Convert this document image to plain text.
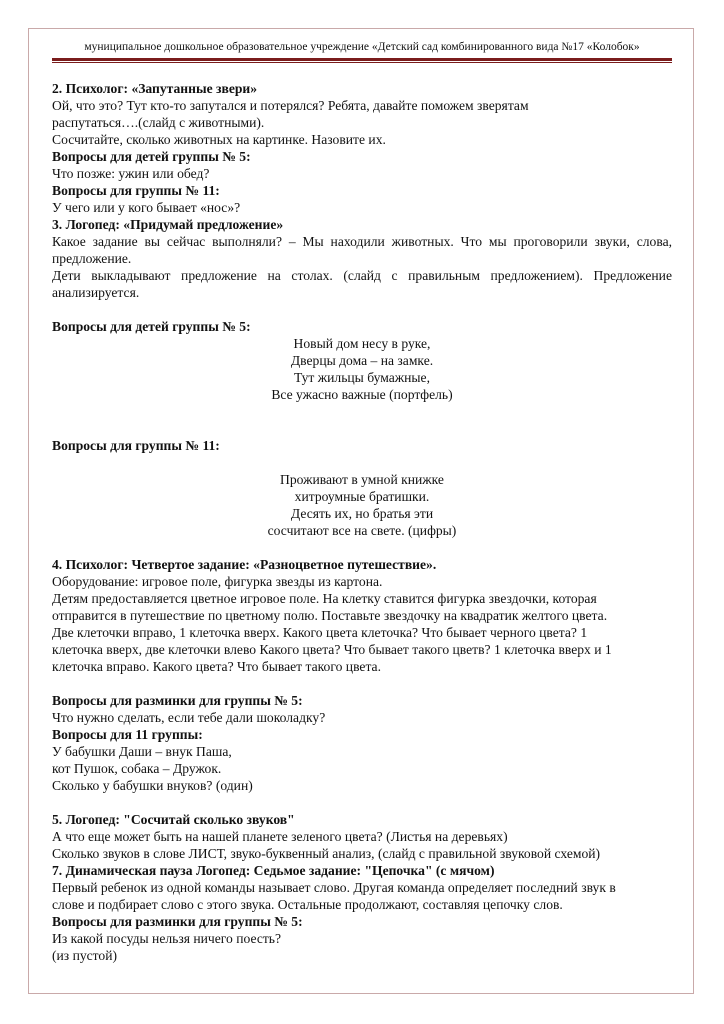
муниципальное дошкольное образовательное учреждение «Детский сад комбинированного вида №17 «Колобок»

2. Психолог: «Запутанные звери»

Ой, что это? Тут кто-то запутался и потерялся? Ребята, давайте поможем зверятам

распутаться….(слайд с животными).

Сосчитайте, сколько животных на картинке. Назовите их.

Вопросы для детей группы № 5:

Что позже: ужин или обед?

Вопросы для группы № 11:

У чего или у кого бывает «нос»?

3. Логопед: «Придумай предложение»

Какое задание вы сейчас выполняли? – Мы находили животных. Что мы проговорили звуки, слова, предложение.

Дети выкладывают предложение на столах. (слайд с правильным предложением). Предложение анализируется.

Вопросы для детей группы № 5:

Новый дом несу в руке,

Дверцы дома – на замке.

Тут жильцы бумажные,

Все ужасно важные (портфель)

Вопросы для группы № 11:

Проживают в умной книжке

хитроумные братишки.

Десять их, но братья эти

сосчитают все на свете. (цифры)

4. Психолог: Четвертое задание: «Разноцветное путешествие».

Оборудование: игровое поле, фигурка звезды из картона.

Детям предоставляется цветное игровое поле. На клетку ставится фигурка звездочки, которая

отправится в путешествие по цветному полю. Поставьте звездочку на квадратик желтого цвета.

Две клеточки вправо, 1 клеточка вверх. Какого цвета клеточка? Что бывает черного цвета? 1

клеточка вверх, две клеточки влево Какого цвета? Что бывает такого цветв? 1 клеточка вверх и 1

клеточка вправо. Какого цвета? Что бывает такого цвета.

Вопросы для разминки для группы № 5:

Что нужно сделать, если тебе дали шоколадку?

Вопросы для 11 группы:

У бабушки Даши – внук Паша,

кот Пушок, собака – Дружок.

Сколько у бабушки внуков? (один)

5. Логопед: "Сосчитай сколько звуков"

А что еще может быть на нашей планете зеленого цвета? (Листья на деревьях)

Сколько звуков в слове ЛИСТ, звуко-буквенный анализ, (слайд с правильной звуковой схемой)

7. Динамическая пауза Логопед: Седьмое задание: "Цепочка" (с мячом)

Первый ребенок из одной команды называет слово. Другая команда определяет последний звук в

слове и подбирает слово с этого звука. Остальные продолжают, составляя цепочку слов.

Вопросы для разминки для группы № 5:

Из какой посуды нельзя ничего поесть?

(из пустой)
